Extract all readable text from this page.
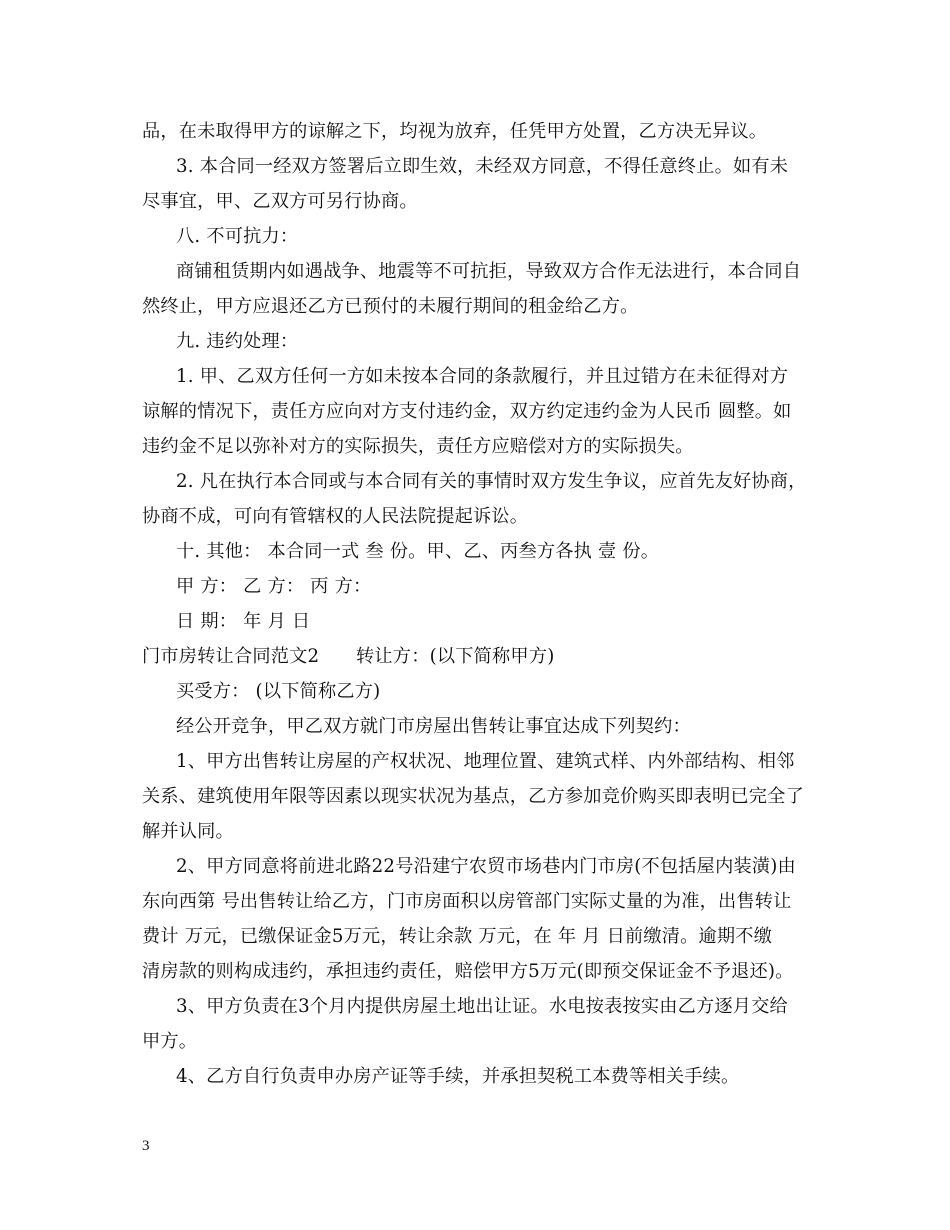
品，在未取得甲方的谅解之下，均视为放弃，任凭甲方处置，乙方决无异议。
3. 本合同一经双方签署后立即生效，未经双方同意，不得任意终止。如有未
尽事宜，甲、乙双方可另行协商。
八. 不可抗力：
商铺租赁期内如遇战争、地震等不可抗拒，导致双方合作无法进行，本合同自
然终止，甲方应退还乙方已预付的未履行期间的租金给乙方。
九. 违约处理：
1. 甲、乙双方任何一方如未按本合同的条款履行，并且过错方在未征得对方
谅解的情况下，责任方应向对方支付违约金，双方约定违约金为人民币 圆整。如
违约金不足以弥补对方的实际损失，责任方应赔偿对方的实际损失。
2. 凡在执行本合同或与本合同有关的事情时双方发生争议，应首先友好协商，
协商不成，可向有管辖权的人民法院提起诉讼。
十. 其他： 本合同一式 叁 份。甲、乙、丙叁方各执 壹 份。
甲 方： 乙 方： 丙 方：
日 期： 年 月 日
门市房转让合同范文2　　转让方：(以下简称甲方)
买受方： (以下简称乙方)
经公开竞争，甲乙双方就门市房屋出售转让事宜达成下列契约：
1、甲方出售转让房屋的产权状况、地理位置、建筑式样、内外部结构、相邻
关系、建筑使用年限等因素以现实状况为基点，乙方参加竞价购买即表明已完全了
解并认同。
2、甲方同意将前进北路22号沿建宁农贸市场巷内门市房(不包括屋内装潢)由
东向西第 号出售转让给乙方，门市房面积以房管部门实际丈量的为准，出售转让
费计 万元，已缴保证金5万元，转让余款 万元，在 年 月 日前缴清。逾期不缴
清房款的则构成违约，承担违约责任，赔偿甲方5万元(即预交保证金不予退还)。
3、甲方负责在3个月内提供房屋土地出让证。水电按表按实由乙方逐月交给
甲方。
4、乙方自行负责申办房产证等手续，并承担契税工本费等相关手续。
3
